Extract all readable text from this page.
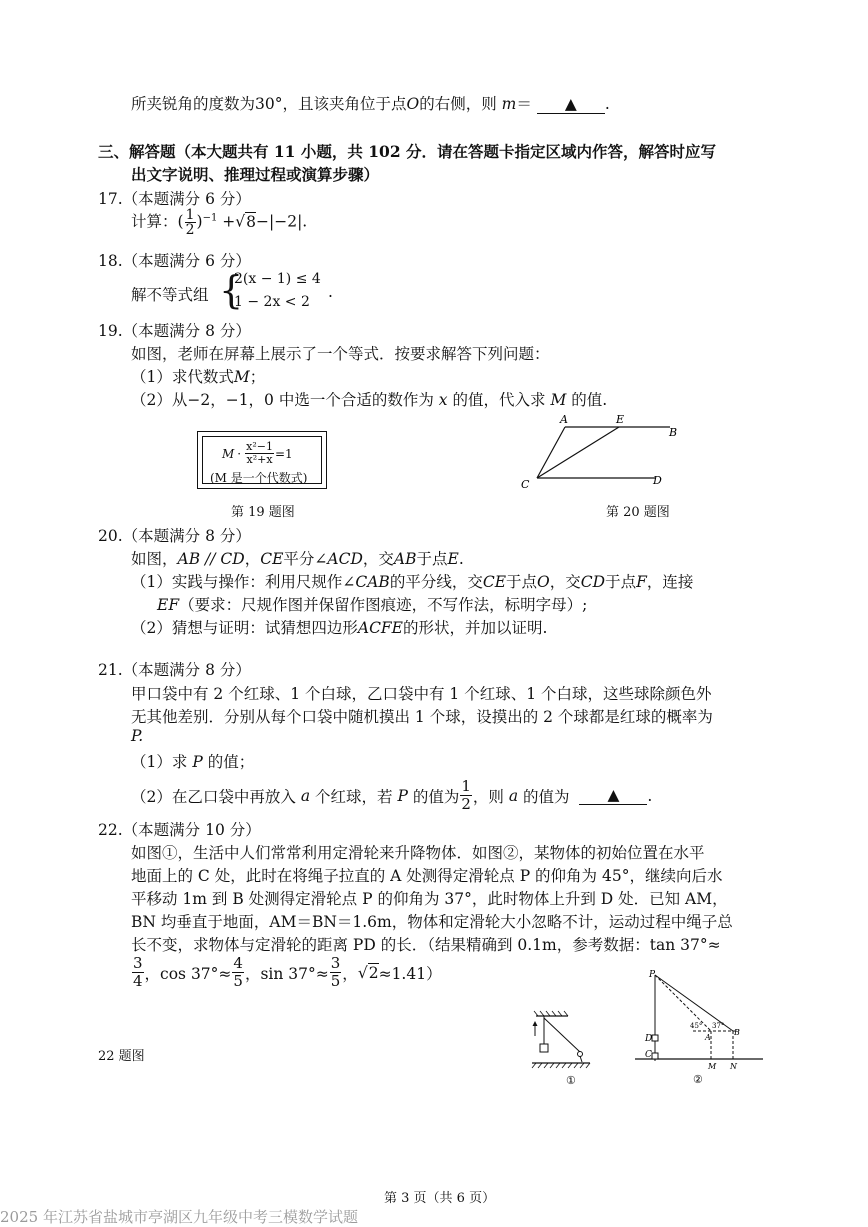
所夹锐角的度数为30°，且该夹角位于点O的右侧，则 m＝ ▲ .
三、解答题（本大题共有 11 小题，共 102 分．请在答题卡指定区域内作答，解答时应写
出文字说明、推理过程或演算步骤）
17.（本题满分 6 分）
计算：( $\frac{1}{2} )^{-1} +√8-|-2|$.
18.（本题满分 6 分）
解不等式组 {
2(x − 1) ≤ 4
1 − 2x < 2
.
19.（本题满分 8 分）
如图，老师在屏幕上展示了一个等式．按要求解答下列问题：
（1）求代数式M；
（2）从−2，−1，0 中选一个合适的数作为 x 的值，代入求 M 的值.
$M \cdot \frac{\text{x²−1}}{\text{x²+x}} =1$
(M 是一个代数式)
第 19 题图
A	E
B
C	D
第 20 题图
20.（本题满分 8 分）
如图，AB // CD，CE平分∠ACD，交AB于点E.
（1）实践与操作：利用尺规作∠CAB的平分线，交CE于点O，交CD于点F，连接
EF（要求：尺规作图并保留作图痕迹，不写作法，标明字母）;
（2）猜想与证明：试猜想四边形ACFE的形状，并加以证明.
21.（本题满分 8 分）
甲口袋中有 2 个红球、1 个白球，乙口袋中有 1 个红球、1 个白球，这些球除颜色外
无其他差别．分别从每个口袋中随机摸出 1 个球，设摸出的 2 个球都是红球的概率为
P.
（1）求 P 的值；
（2）在乙口袋中再放入
a
个红球，若
P
的值为 $\frac{1}{2}$ ，则
a
的值为
	▲	.
22.（本题满分 10 分）
如图①，生活中人们常常利用定滑轮来升降物体．如图②，某物体的初始位置在水平
地面上的 C 处，此时在将绳子拉直的 A 处测得定滑轮点 P 的仰角为 45°，继续向后水
平移动 1m 到 B 处测得定滑轮点 P 的仰角为 37°，此时物体上升到 D 处．已知 AM，
BN 均垂直于地面，AM＝BN＝1.6m，物体和定滑轮大小忽略不计，运动过程中绳子总
长不变，求物体与定滑轮的距离 PD 的长．（结果精确到 0.1m，参考数据：tan 37°≈
$\frac{3}{4}$ ，$\cos 37^\circ\approx \frac{4}{5}$ ，$\sin 37^\circ\approx \frac{3}{5}$ ， √ 2 ≈1.41）
22 题图
①
P
D
C
A
B
45° 37°
M N
②
第 3 页（共 6 页）
2025 年江苏省盐城市亭湖区九年级中考三模数学试题
